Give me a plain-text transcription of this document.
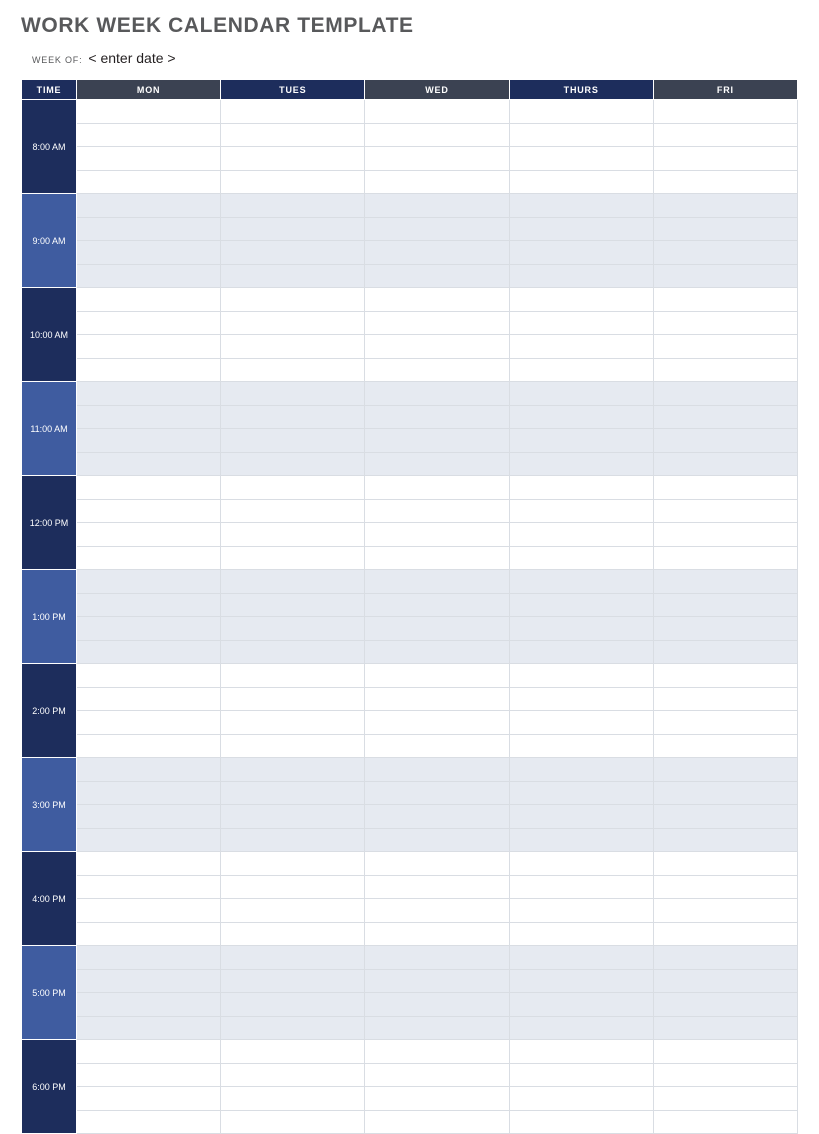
WORK WEEK CALENDAR TEMPLATE
WEEK OF: < enter date >
TIME	MON	TUES	WED	THURS	FRI
8:00 AM					

9:00 AM					

10:00 AM					

11:00 AM					

12:00 PM					

1:00 PM					

2:00 PM					

3:00 PM					

4:00 PM					

5:00 PM					

6:00 PM					
